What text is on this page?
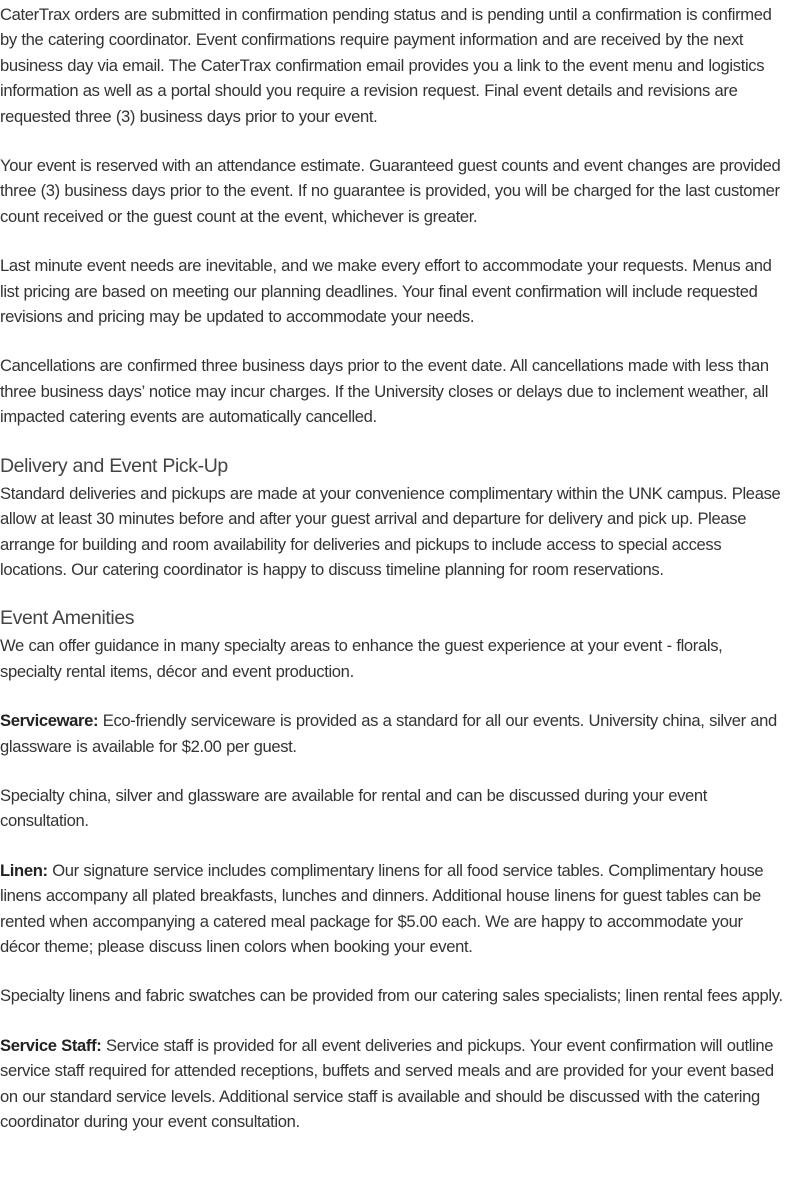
CaterTrax orders are submitted in confirmation pending status and is pending until a confirmation is confirmed by the catering coordinator. Event confirmations require payment information and are received by the next business day via email. The CaterTrax confirmation email provides you a link to the event menu and logistics information as well as a portal should you require a revision request. Final event details and revisions are requested three (3) business days prior to your event.

Your event is reserved with an attendance estimate. Guaranteed guest counts and event changes are provided three (3) business days prior to the event. If no guarantee is provided, you will be charged for the last customer count received or the guest count at the event, whichever is greater.

Last minute event needs are inevitable, and we make every effort to accommodate your requests. Menus and list pricing are based on meeting our planning deadlines. Your final event confirmation will include requested revisions and pricing may be updated to accommodate your needs.

Cancellations are confirmed three business days prior to the event date. All cancellations made with less than three business days’ notice may incur charges. If the University closes or delays due to inclement weather, all impacted catering events are automatically cancelled.

Delivery and Event Pick-Up

Standard deliveries and pickups are made at your convenience complimentary within the UNK campus. Please allow at least 30 minutes before and after your guest arrival and departure for delivery and pick up. Please arrange for building and room availability for deliveries and pickups to include access to special access locations. Our catering coordinator is happy to discuss timeline planning for room reservations.

Event Amenities

We can offer guidance in many specialty areas to enhance the guest experience at your event - florals, specialty rental items, décor and event production.

Serviceware: Eco-friendly serviceware is provided as a standard for all our events. University china, silver and glassware is available for $2.00 per guest.

Specialty china, silver and glassware are available for rental and can be discussed during your event consultation.

Linen: Our signature service includes complimentary linens for all food service tables. Complimentary house linens accompany all plated breakfasts, lunches and dinners. Additional house linens for guest tables can be rented when accompanying a catered meal package for $5.00 each. We are happy to accommodate your décor theme; please discuss linen colors when booking your event.

Specialty linens and fabric swatches can be provided from our catering sales specialists; linen rental fees apply.

Service Staff: Service staff is provided for all event deliveries and pickups. Your event confirmation will outline service staff required for attended receptions, buffets and served meals and are provided for your event based on our standard service levels. Additional service staff is available and should be discussed with the catering coordinator during your event consultation.
